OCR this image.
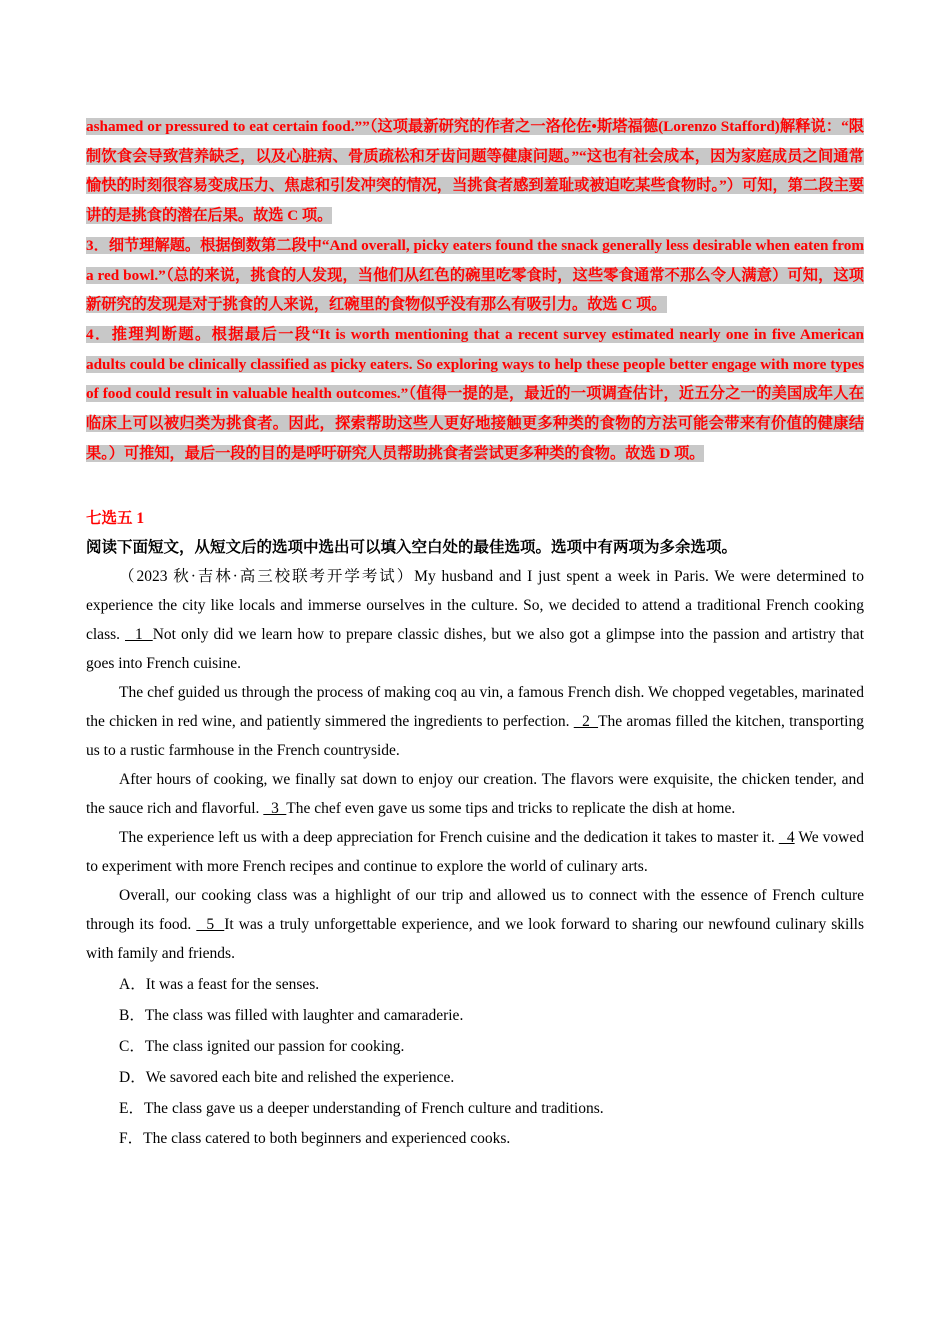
ashamed or pressured to eat certain food.””（这项最新研究的作者之一洛伦佐•斯塔福德(Lorenzo Stafford)解释说：“限制饮食会导致营养缺乏，以及心脏病、骨质疏松和牙齿问题等健康问题。”“这也有社会成本，因为家庭成员之间通常愉快的时刻很容易变成压力、焦虑和引发冲突的情况，当挑食者感到羞耻或被迫吃某些食物时。”）可知，第二段主要讲的是挑食的潜在后果。故选 C 项。
3．细节理解题。根据倒数第二段中“And overall, picky eaters found the snack generally less desirable when eaten from a red bowl.”（总的来说，挑食的人发现，当他们从红色的碗里吃零食时，这些零食通常不那么令人满意）可知，这项新研究的发现是对于挑食的人来说，红碗里的食物似乎没有那么有吸引力。故选 C 项。
4．推理判断题。根据最后一段“It is worth mentioning that a recent survey estimated nearly one in five American adults could be clinically classified as picky eaters. So exploring ways to help these people better engage with more types of food could result in valuable health outcomes.”（值得一提的是，最近的一项调查估计，近五分之一的美国成年人在临床上可以被归类为挑食者。因此，探索帮助这些人更好地接触更多种类的食物的方法可能会带来有价值的健康结果。）可推知，最后一段的目的是呼吁研究人员帮助挑食者尝试更多种类的食物。故选 D 项。
七选五 1
阅读下面短文，从短文后的选项中选出可以填入空白处的最佳选项。选项中有两项为多余选项。

（2023 秋·吉林·高三校联考开学考试）My husband and I just spent a week in Paris. We were determined to experience the city like locals and immerse ourselves in the culture. So, we decided to attend a traditional French cooking class.   1  Not only did we learn how to prepare classic dishes, but we also got a glimpse into the passion and artistry that goes into French cuisine.

The chef guided us through the process of making coq au vin, a famous French dish. We chopped vegetables, marinated the chicken in red wine, and patiently simmered the ingredients to perfection.   2  The aromas filled the kitchen, transporting us to a rustic farmhouse in the French countryside.

After hours of cooking, we finally sat down to enjoy our creation. The flavors were exquisite, the chicken tender, and the sauce rich and flavorful.   3  The chef even gave us some tips and tricks to replicate the dish at home.

The experience left us with a deep appreciation for French cuisine and the dedication it takes to master it.   4 We vowed to experiment with more French recipes and continue to explore the world of culinary arts.

Overall, our cooking class was a highlight of our trip and allowed us to connect with the essence of French culture through its food.   5  It was a truly unforgettable experience, and we look forward to sharing our newfound culinary skills with family and friends.

A．It was a feast for the senses.
B．The class was filled with laughter and camaraderie.
C．The class ignited our passion for cooking.
D．We savored each bite and relished the experience.
E．The class gave us a deeper understanding of French culture and traditions.
F．The class catered to both beginners and experienced cooks.
